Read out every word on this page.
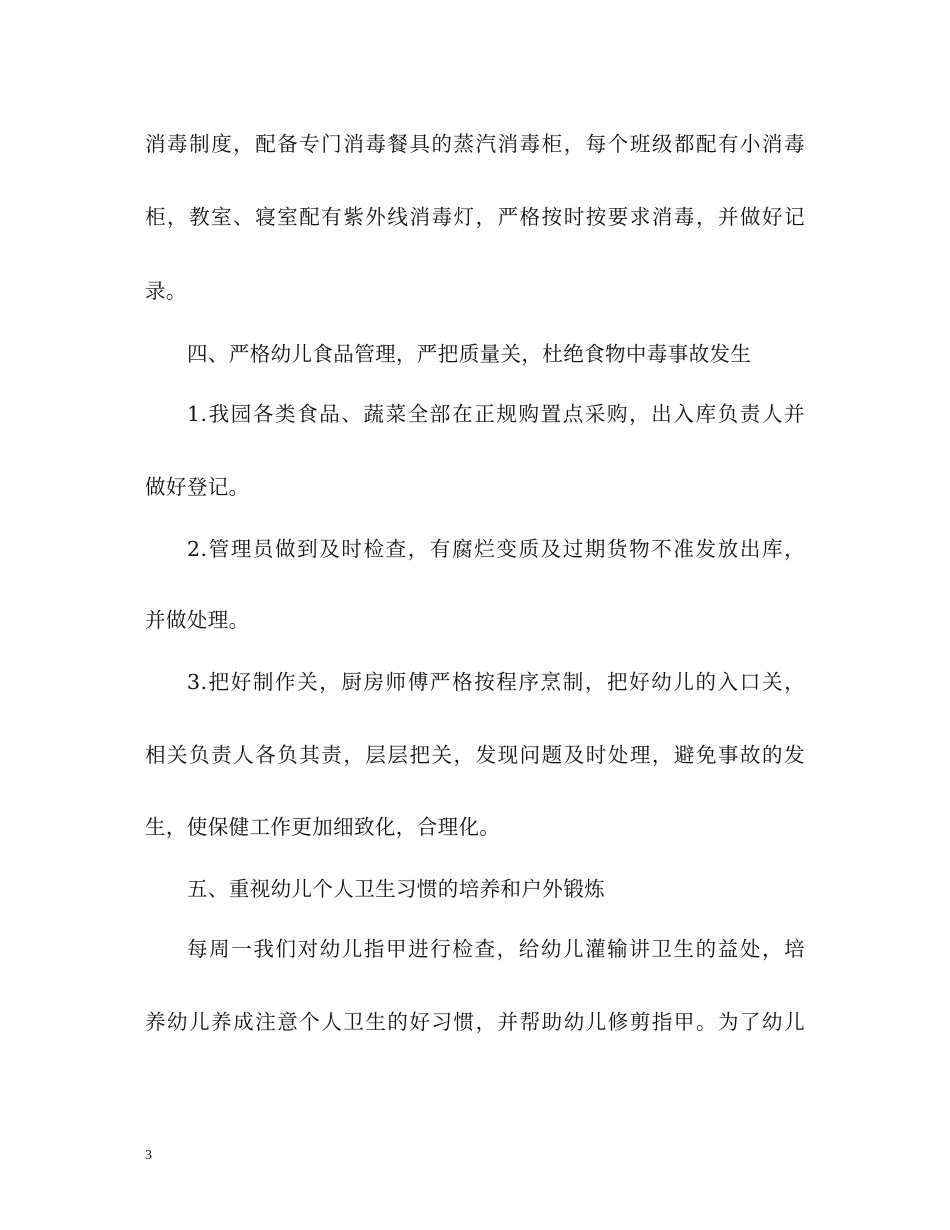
消毒制度，配备专门消毒餐具的蒸汽消毒柜，每个班级都配有小消毒
柜，教室、寝室配有紫外线消毒灯，严格按时按要求消毒，并做好记
录。
四、严格幼儿食品管理，严把质量关，杜绝食物中毒事故发生
1.我园各类食品、蔬菜全部在正规购置点采购，出入库负责人并
做好登记。
2.管理员做到及时检查，有腐烂变质及过期货物不准发放出库，
并做处理。
3.把好制作关，厨房师傅严格按程序烹制，把好幼儿的入口关，
相关负责人各负其责，层层把关，发现问题及时处理，避免事故的发
生，使保健工作更加细致化，合理化。
五、重视幼儿个人卫生习惯的培养和户外锻炼
每周一我们对幼儿指甲进行检查，给幼儿灌输讲卫生的益处，培
养幼儿养成注意个人卫生的好习惯，并帮助幼儿修剪指甲。为了幼儿
3
